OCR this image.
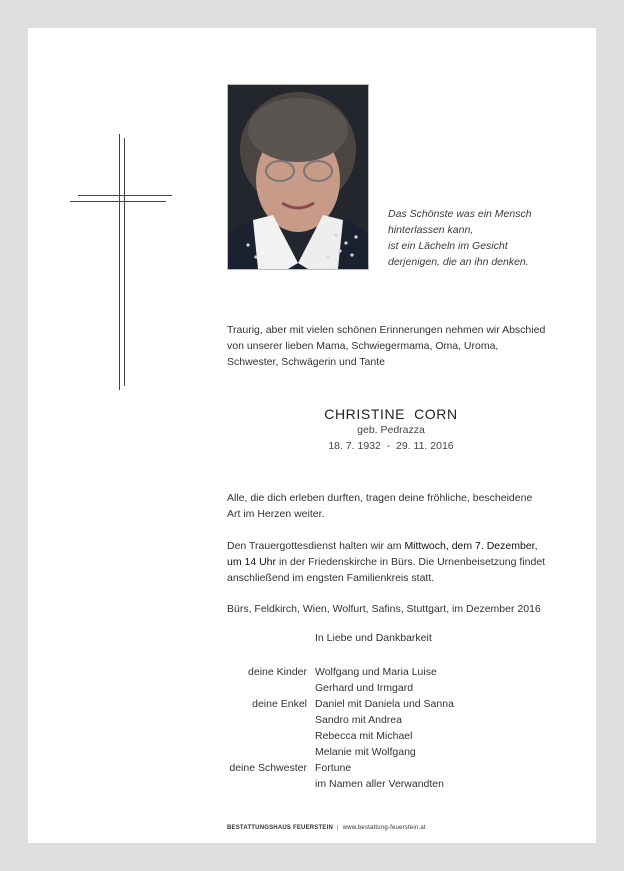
Das Schönste was ein Mensch
hinterlassen kann,
ist ein Lächeln im Gesicht
derjenigen, die an ihn denken.
Traurig, aber mit vielen schönen Erinnerungen nehmen wir Abschied
von unserer lieben Mama, Schwiegermama, Oma, Uroma,
Schwester, Schwägerin und Tante
CHRISTINE  CORN
geb. Pedrazza
18. 7. 1932  -  29. 11. 2016
Alle, die dich erleben durften, tragen deine fröhliche, bescheidene
Art im Herzen weiter.
Den Trauergottesdienst halten wir am Mittwoch, dem 7. Dezember,
um 14 Uhr in der Friedenskirche in Bürs. Die Urnenbeisetzung findet
anschließend im engsten Familienkreis statt.
Bürs, Feldkirch, Wien, Wolfurt, Safins, Stuttgart, im Dezember 2016
In Liebe und Dankbarkeit
deine Kinder Wolfgang und Maria Luise
Gerhard und Irmgard
deine Enkel Daniel mit Daniela und Sanna
Sandro mit Andrea
Rebecca mit Michael
Melanie mit Wolfgang
deine Schwester Fortune
im Namen aller Verwandten
BESTATTUNGSHAUS FEUERSTEIN | www.bestattung-feuerstein.at
